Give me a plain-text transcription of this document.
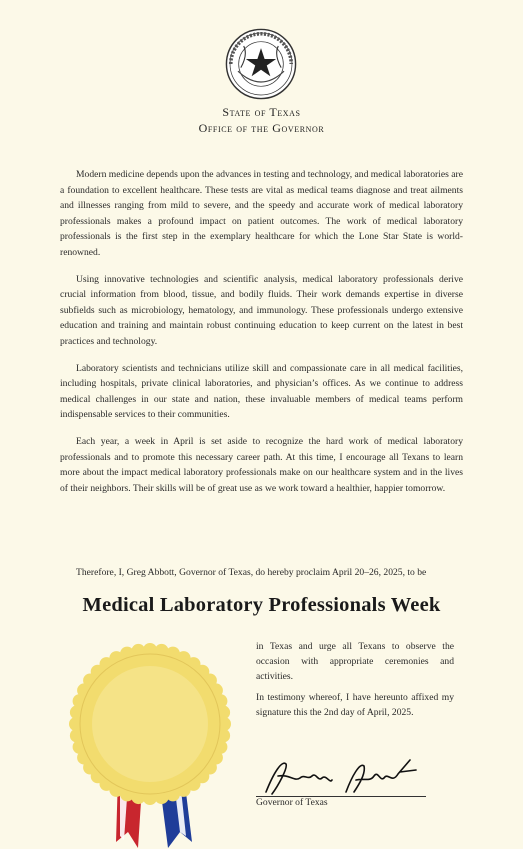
State of Texas
Office of the Governor

Modern medicine depends upon the advances in testing and technology, and medical laboratories are a foundation to excellent healthcare. These tests are vital as medical teams diagnose and treat ailments and illnesses ranging from mild to severe, and the speedy and accurate work of medical laboratory professionals makes a profound impact on patient outcomes. The work of medical laboratory professionals is the first step in the exemplary healthcare for which the Lone Star State is world-renowned.

Using innovative technologies and scientific analysis, medical laboratory professionals derive crucial information from blood, tissue, and bodily fluids. Their work demands expertise in diverse subfields such as microbiology, hematology, and immunology. These professionals undergo extensive education and training and maintain robust continuing education to keep current on the latest in best practices and technology.

Laboratory scientists and technicians utilize skill and compassionate care in all medical facilities, including hospitals, private clinical laboratories, and physician’s offices. As we continue to address medical challenges in our state and nation, these invaluable members of medical teams perform indispensable services to their communities.

Each year, a week in April is set aside to recognize the hard work of medical laboratory professionals and to promote this necessary career path. At this time, I encourage all Texans to learn more about the impact medical laboratory professionals make on our healthcare system and in the lives of their neighbors. Their skills will be of great use as we work toward a healthier, happier tomorrow.

Therefore, I, Greg Abbott, Governor of Texas, do hereby proclaim April 20–26, 2025, to be
Medical Laboratory Professionals Week
in Texas and urge all Texans to observe the occasion with appropriate ceremonies and activities.
In testimony whereof, I have hereunto affixed my signature this the 2nd day of April, 2025.
Governor of Texas
